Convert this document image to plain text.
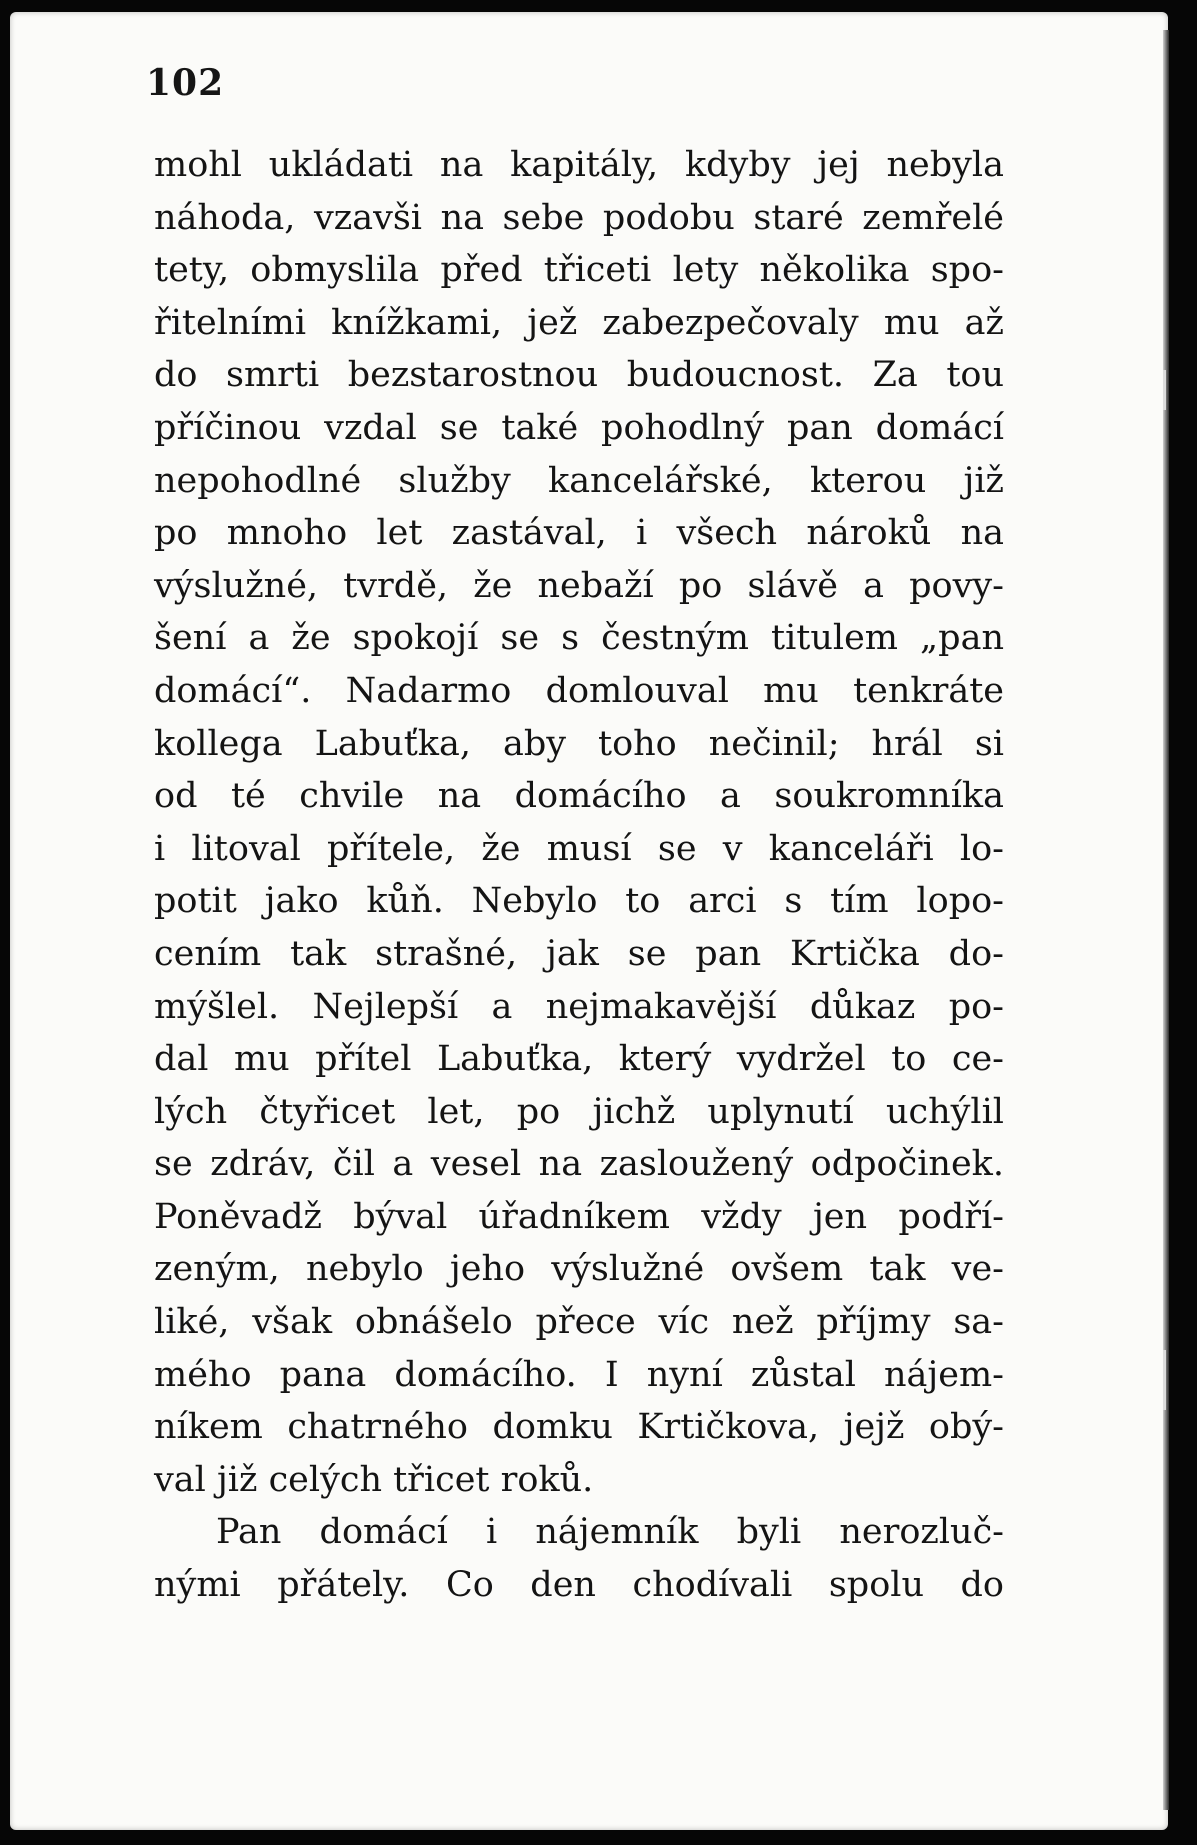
102
mohl ukládati na kapitály, kdyby jej nebyla
náhoda, vzavši na sebe podobu staré zemřelé
tety, obmyslila před třiceti lety několika spo-
řitelními knížkami, jež zabezpečovaly mu až
do smrti bezstarostnou budoucnost. Za tou
příčinou vzdal se také pohodlný pan domácí
nepohodlné služby kancelářské, kterou již
po mnoho let zastával, i všech nároků na
výslužné, tvrdě, že nebaží po slávě a povy-
šení a že spokojí se s čestným titulem „pan
domácí“. Nadarmo domlouval mu tenkráte
kollega Labuťka, aby toho nečinil; hrál si
od té chvile na domácího a soukromníka
i litoval přítele, že musí se v kanceláři lo-
potit jako kůň. Nebylo to arci s tím lopo-
cením tak strašné, jak se pan Krtička do-
mýšlel. Nejlepší a nejmakavější důkaz po-
dal mu přítel Labuťka, který vydržel to ce-
lých čtyřicet let, po jichž uplynutí uchýlil
se zdráv, čil a vesel na zasloužený odpočinek.
Poněvadž býval úřadníkem vždy jen podří-
zeným, nebylo jeho výslužné ovšem tak ve-
liké, však obnášelo přece víc než příjmy sa-
mého pana domácího. I nyní zůstal nájem-
níkem chatrného domku Krtičkova, jejž obý-
val již celých třicet roků.
Pan domácí i nájemník byli nerozluč-
nými přátely. Co den chodívali spolu do
